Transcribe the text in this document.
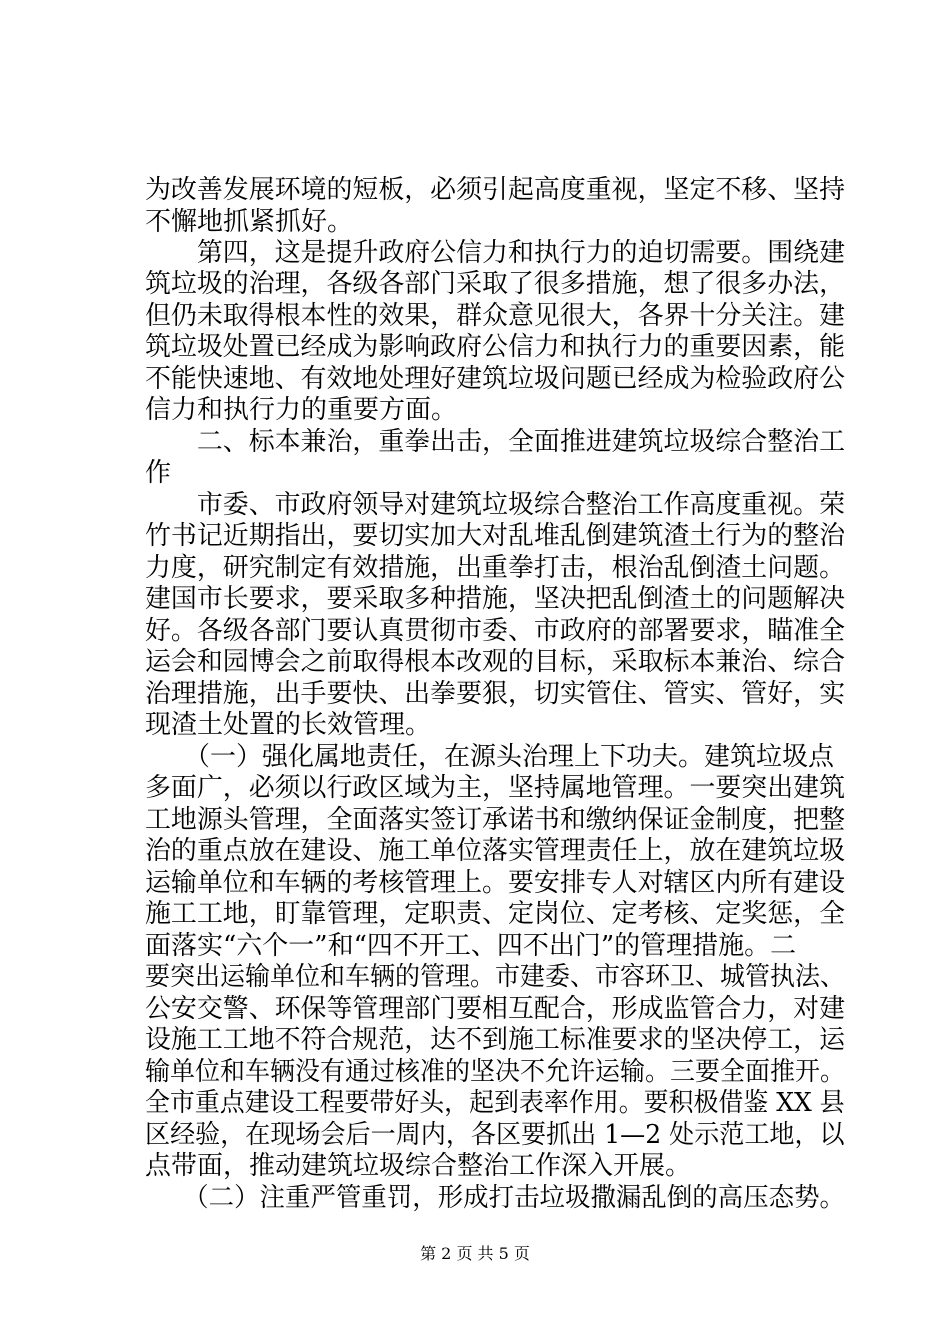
为改善发展环境的短板，必须引起高度重视，坚定不移、坚持
不懈地抓紧抓好。
　　第四，这是提升政府公信力和执行力的迫切需要。围绕建
筑垃圾的治理，各级各部门采取了很多措施，想了很多办法，
但仍未取得根本性的效果，群众意见很大，各界十分关注。建
筑垃圾处置已经成为影响政府公信力和执行力的重要因素，能
不能快速地、有效地处理好建筑垃圾问题已经成为检验政府公
信力和执行力的重要方面。
　　二、标本兼治，重拳出击，全面推进建筑垃圾综合整治工
作
　　市委、市政府领导对建筑垃圾综合整治工作高度重视。荣
竹书记近期指出，要切实加大对乱堆乱倒建筑渣土行为的整治
力度，研究制定有效措施，出重拳打击，根治乱倒渣土问题。
建国市长要求，要采取多种措施，坚决把乱倒渣土的问题解决
好。各级各部门要认真贯彻市委、市政府的部署要求，瞄准全
运会和园博会之前取得根本改观的目标，采取标本兼治、综合
治理措施，出手要快、出拳要狠，切实管住、管实、管好，实
现渣土处置的长效管理。
　　（一）强化属地责任，在源头治理上下功夫。建筑垃圾点
多面广，必须以行政区域为主，坚持属地管理。一要突出建筑
工地源头管理，全面落实签订承诺书和缴纳保证金制度，把整
治的重点放在建设、施工单位落实管理责任上，放在建筑垃圾
运输单位和车辆的考核管理上。要安排专人对辖区内所有建设
施工工地，盯靠管理，定职责、定岗位、定考核、定奖惩，全
面落实“六个一”和“四不开工、四不出门”的管理措施。二
要突出运输单位和车辆的管理。市建委、市容环卫、城管执法、
公安交警、环保等管理部门要相互配合，形成监管合力，对建
设施工工地不符合规范，达不到施工标准要求的坚决停工，运
输单位和车辆没有通过核准的坚决不允许运输。三要全面推开。
全市重点建设工程要带好头，起到表率作用。要积极借鉴 XX 县
区经验，在现场会后一周内，各区要抓出 1—2 处示范工地，以
点带面，推动建筑垃圾综合整治工作深入开展。
　　（二）注重严管重罚，形成打击垃圾撒漏乱倒的高压态势。
第 2 页 共 5 页
